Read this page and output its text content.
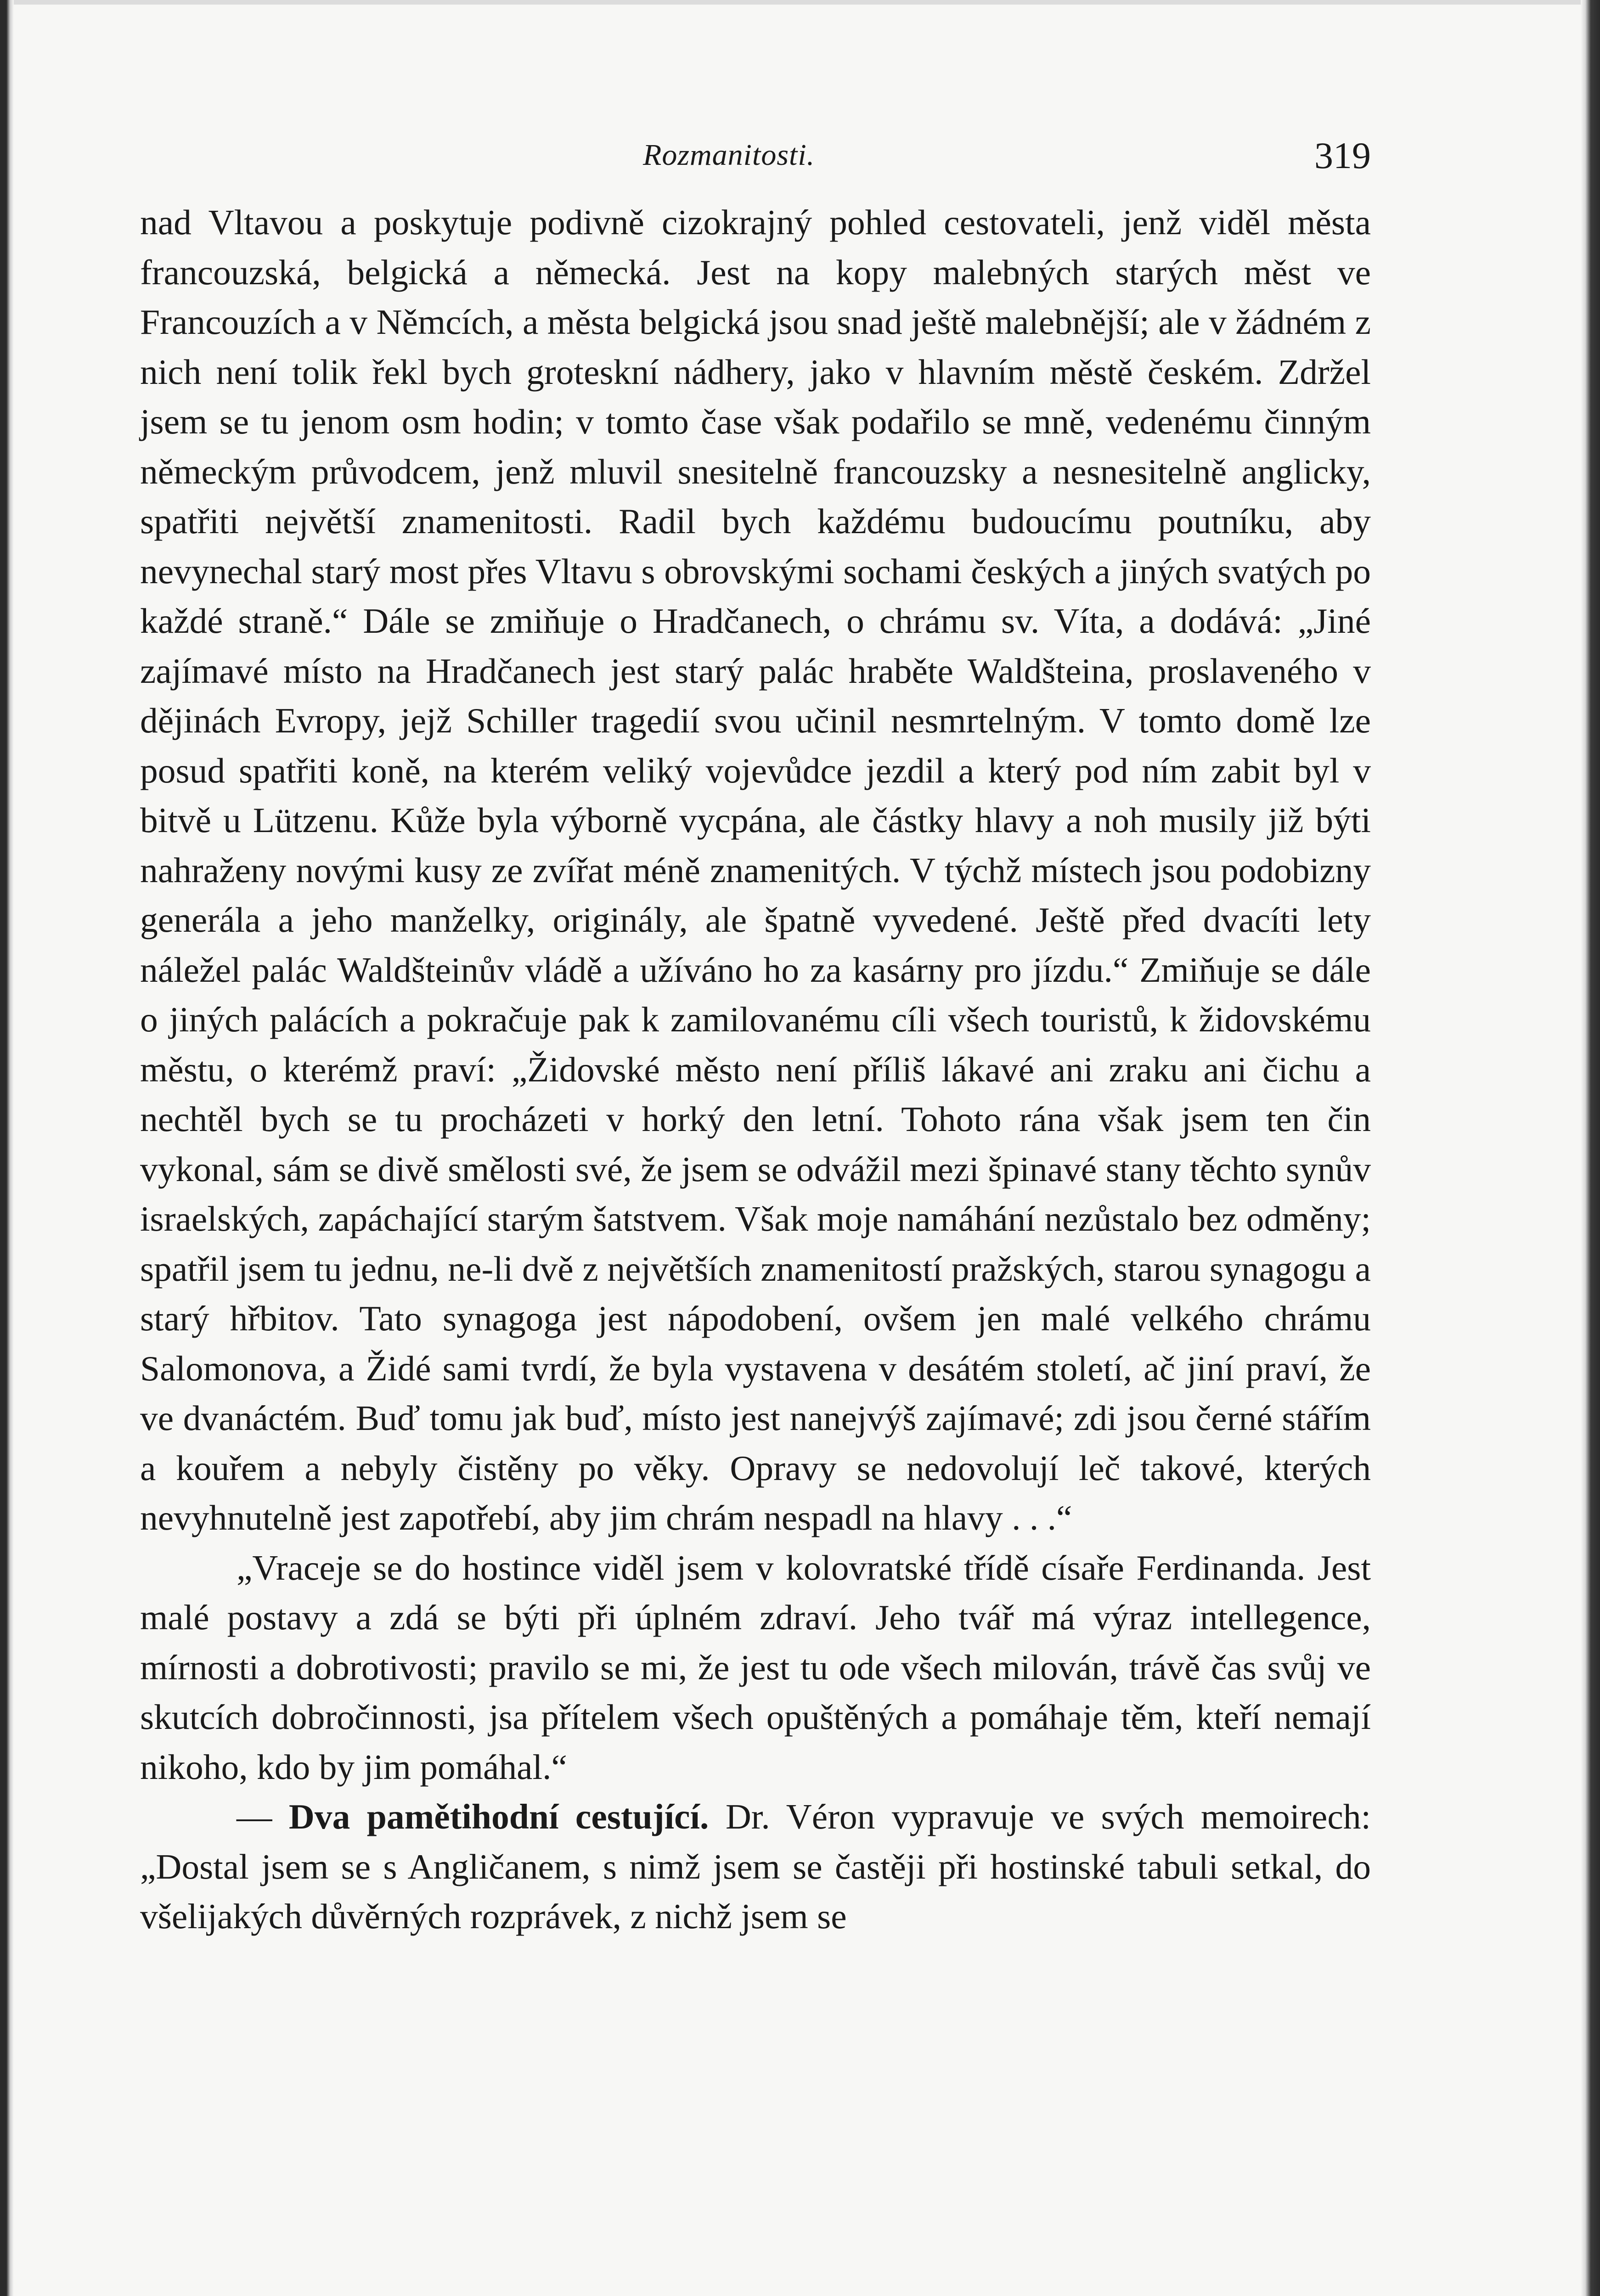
Rozmanitosti.	319

nad Vltavou a poskytuje podivně cizokrajný pohled cestovateli, jenž viděl města francouzská, belgická a německá. Jest na kopy malebných starých měst ve Francouzích a v Němcích, a města belgická jsou snad ještě malebnější; ale v žádném z nich není tolik řekl bych groteskní nádhery, jako v hlavním městě českém. Zdržel jsem se tu jenom osm hodin; v tomto čase však podařilo se mně, vedenému činným německým průvodcem, jenž mluvil snesitelně francouzsky a nesnesitelně anglicky, spatřiti největší znamenitosti. Radil bych každému budoucímu poutníku, aby nevynechal starý most přes Vltavu s obrovskými sochami českých a jiných svatých po každé straně.“ Dále se zmiňuje o Hradčanech, o chrámu sv. Víta, a dodává: „Jiné zajímavé místo na Hradčanech jest starý palác hraběte Waldšteina, proslaveného v dějinách Evropy, jejž Schiller tragedií svou učinil nesmrtelným. V tomto domě lze posud spatřiti koně, na kterém veliký vojevůdce jezdil a který pod ním zabit byl v bitvě u Lützenu. Kůže byla výborně vycpána, ale částky hlavy a noh musily již býti nahraženy novými kusy ze zvířat méně znamenitých. V týchž místech jsou podobizny generála a jeho manželky, originály, ale špatně vyvedené. Ještě před dvacíti lety náležel palác Waldšteinův vládě a užíváno ho za kasárny pro jízdu.“ Zmiňuje se dále o jiných palácích a pokračuje pak k zamilovanému cíli všech touristů, k židovskému městu, o kterémž praví: „Židovské město není příliš lákavé ani zraku ani čichu a nechtěl bych se tu procházeti v horký den letní. Tohoto rána však jsem ten čin vykonal, sám se divě smělosti své, že jsem se odvážil mezi špinavé stany těchto synův israelských, zapáchající starým šatstvem. Však moje namáhání nezůstalo bez odměny; spatřil jsem tu jednu, ne-li dvě z největších znamenitostí pražských, starou synagogu a starý hřbitov. Tato synagoga jest nápodobení, ovšem jen malé velkého chrámu Salomonova, a Židé sami tvrdí, že byla vystavena v desátém století, ač jiní praví, že ve dvanáctém. Buď tomu jak buď, místo jest nanejvýš zajímavé; zdi jsou černé stářím a kouřem a nebyly čistěny po věky. Opravy se nedovolují leč takové, kterých nevyhnutelně jest zapotřebí, aby jim chrám nespadl na hlavy . . .“

„Vraceje se do hostince viděl jsem v kolovratské třídě císaře Ferdinanda. Jest malé postavy a zdá se býti při úplném zdraví. Jeho tvář má výraz intellegence, mírnosti a dobrotivosti; pravilo se mi, že jest tu ode všech milován, trávě čas svůj ve skutcích dobročinnosti, jsa přítelem všech opuštěných a pomáhaje těm, kteří nemají nikoho, kdo by jim pomáhal.“

— Dva pamětihodní cestující. Dr. Véron vypravuje ve svých memoirech: „Dostal jsem se s Angličanem, s nimž jsem se častěji při hostinské tabuli setkal, do všelijakých důvěrných rozprávek, z nichž jsem se
